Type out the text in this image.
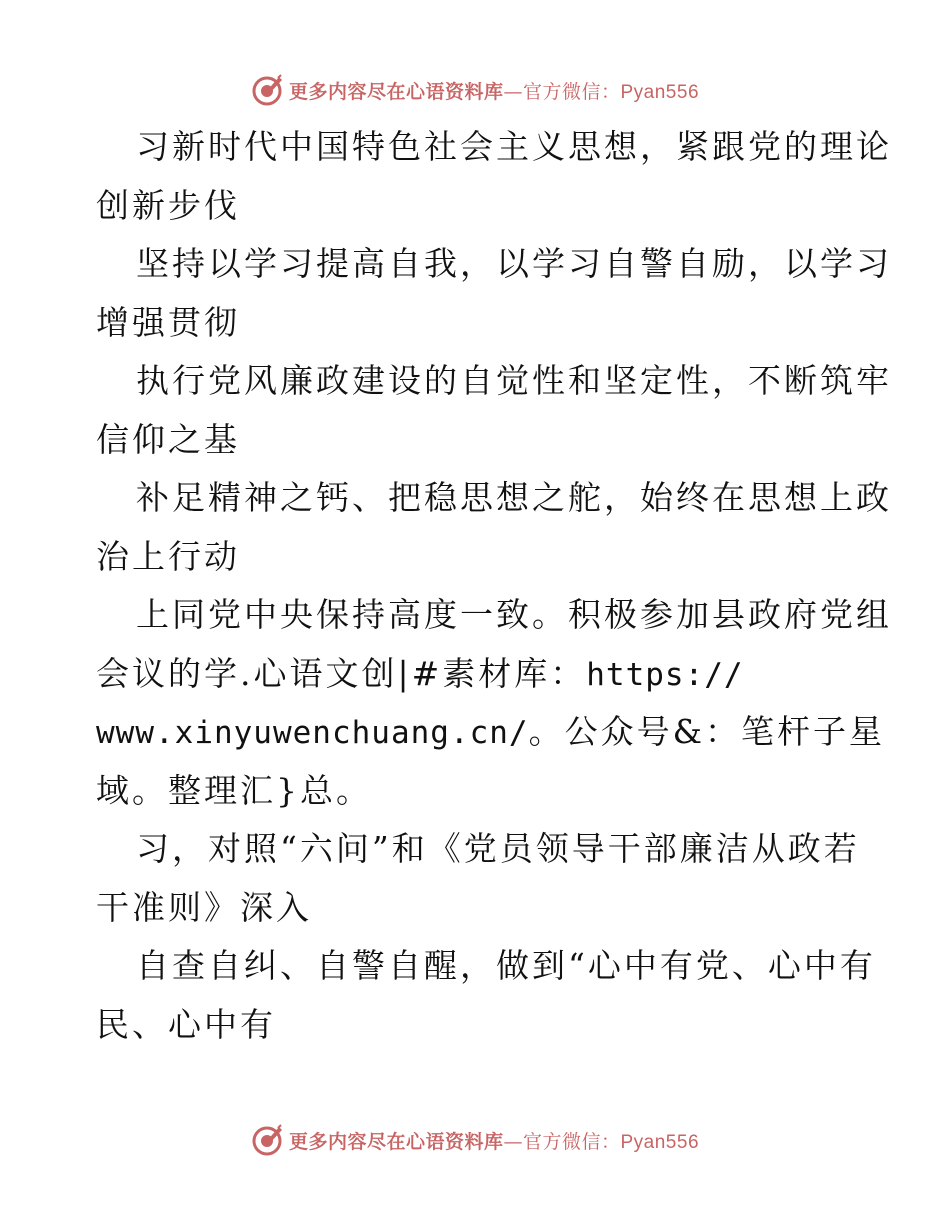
更多内容尽在心语资料库—官方微信：Pyan556
习新时代中国特色社会主义思想，紧跟党的理论
创新步伐
坚持以学习提高自我，以学习自警自励，以学习
增强贯彻
执行党风廉政建设的自觉性和坚定性，不断筑牢
信仰之基
补足精神之钙、把稳思想之舵，始终在思想上政
治上行动
上同党中央保持高度一致。积极参加县政府党组
会议的学.心语文创|#素材库：https://
www.xinyuwenchuang.cn/。公众号&：笔杆子星
域。整理汇}总。
习，对照“六问”和《党员领导干部廉洁从政若
干准则》深入
自查自纠、自警自醒，做到“心中有党、心中有
民、心中有
更多内容尽在心语资料库—官方微信：Pyan556
